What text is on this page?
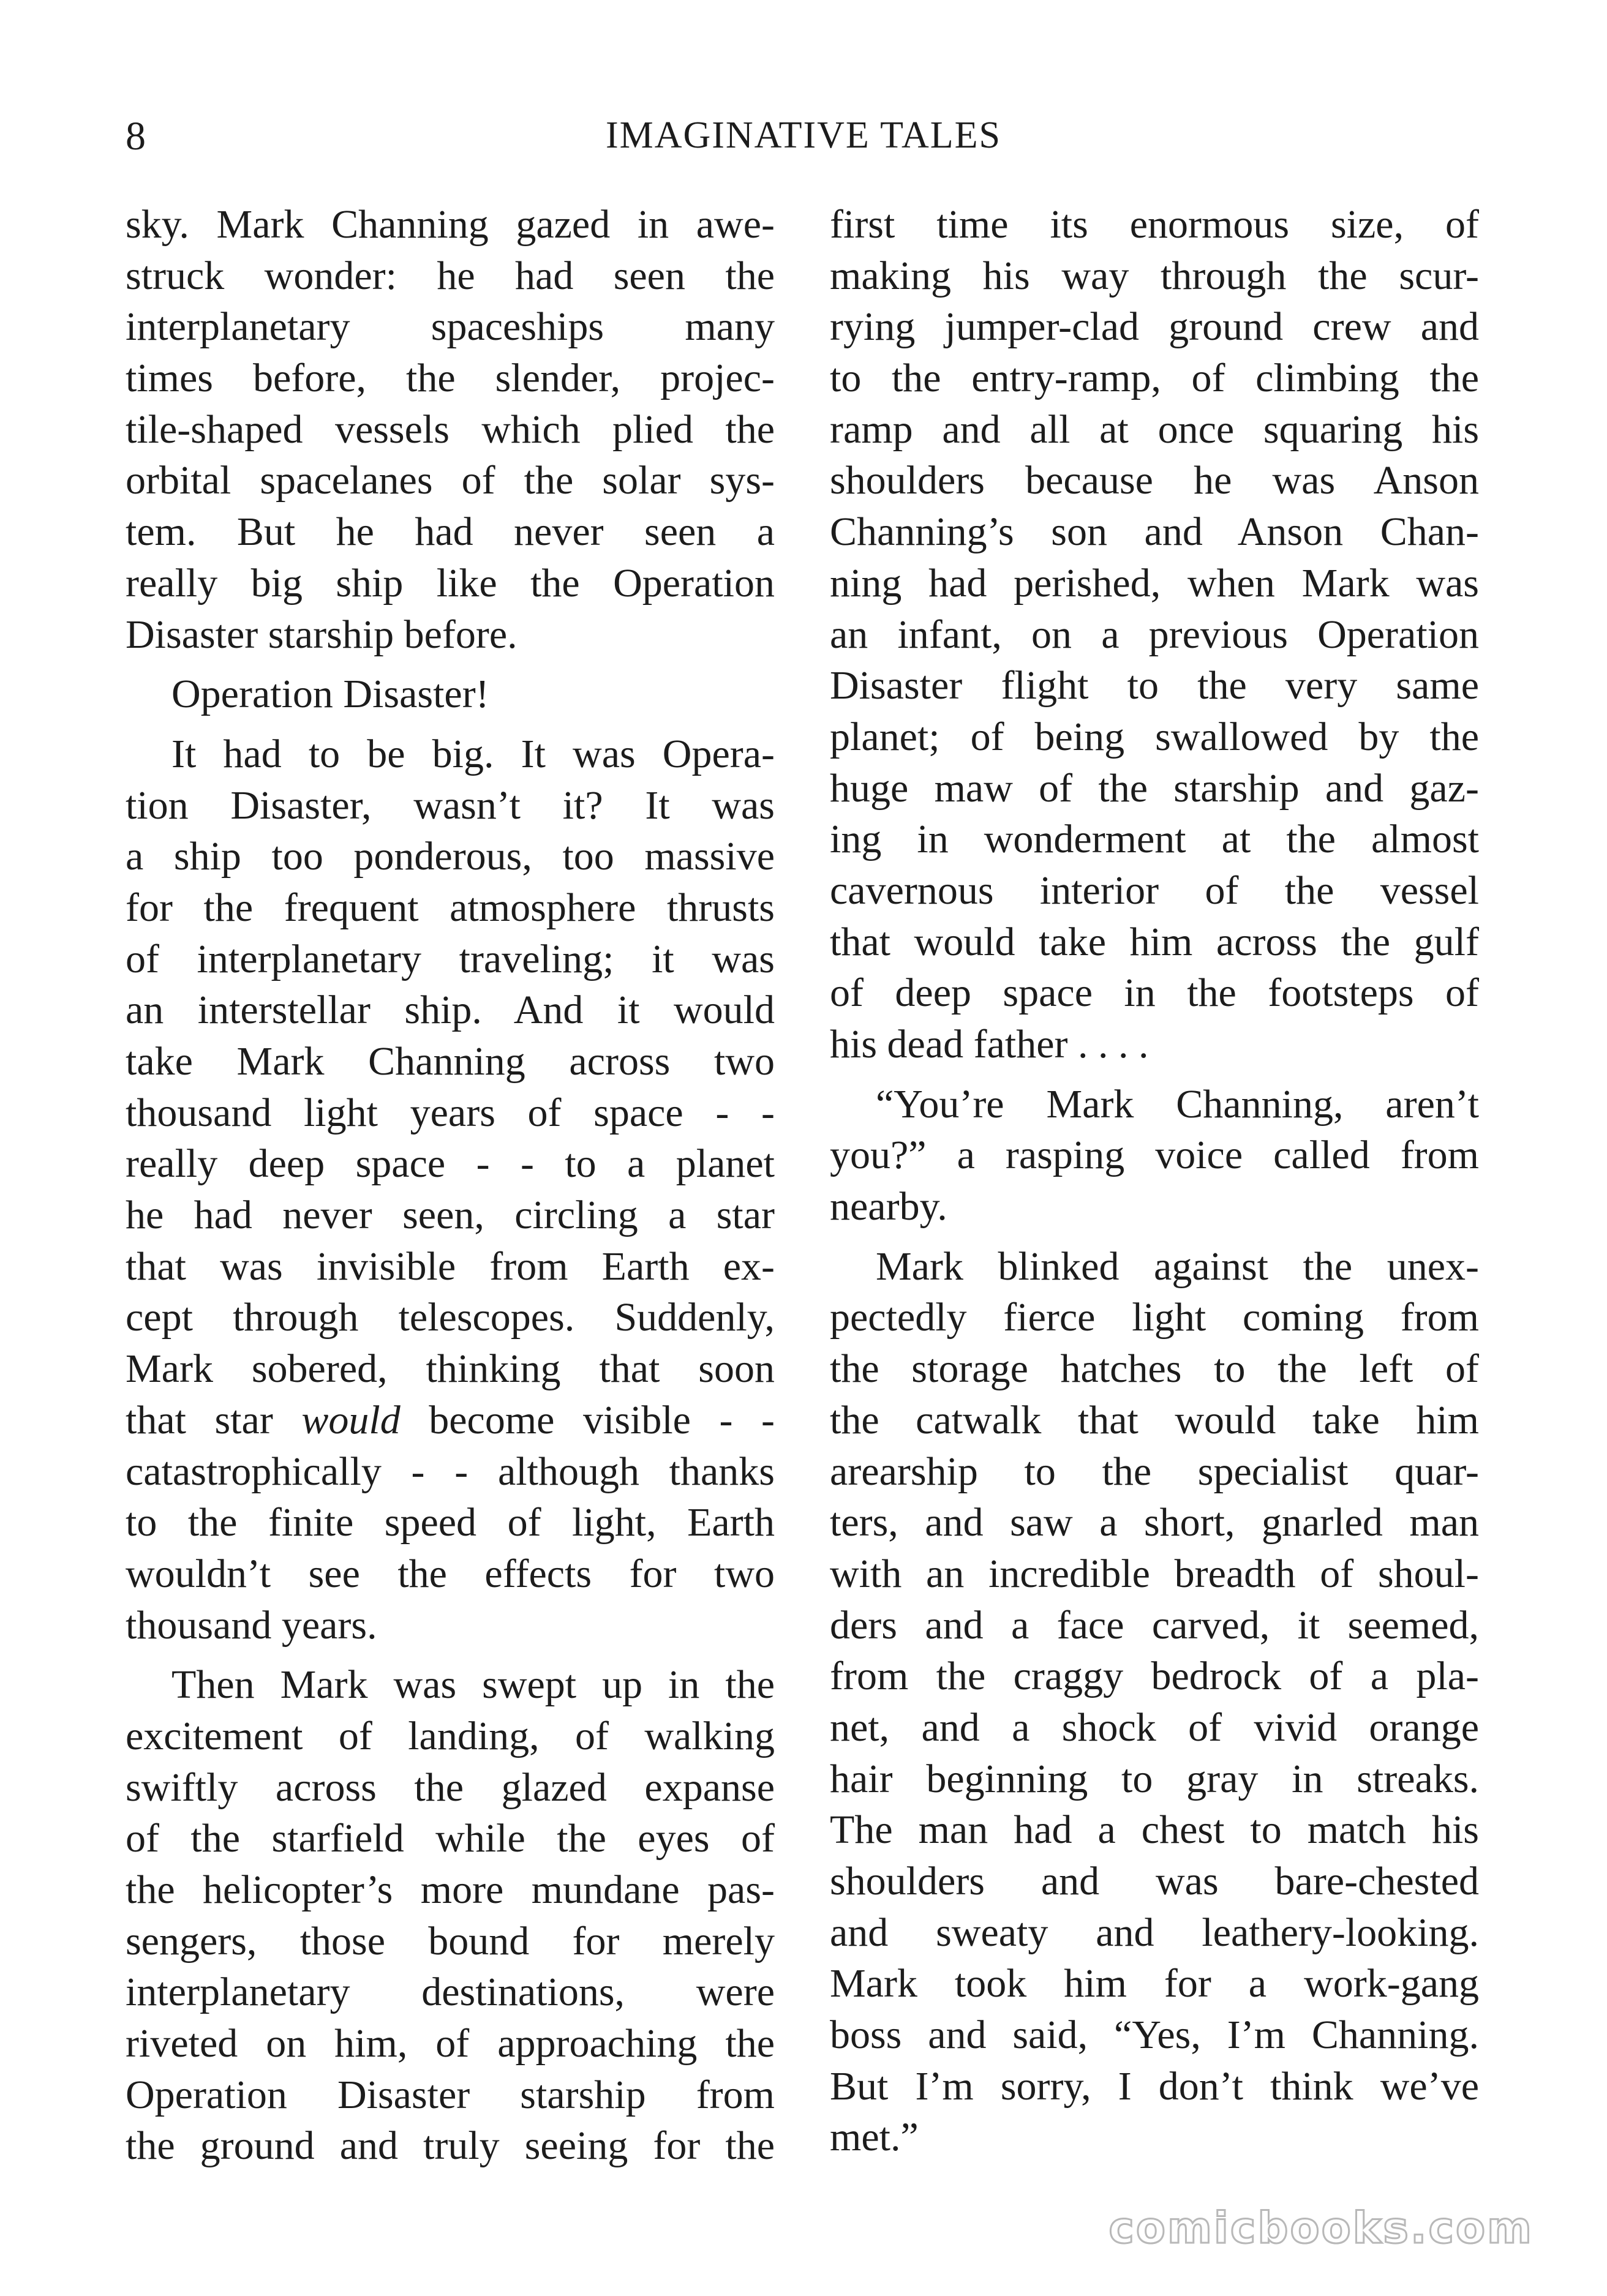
8	IMAGINATIVE TALES
sky. Mark Channing gazed in awe-
struck wonder: he had seen the
interplanetary spaceships many
times before, the slender, projec-
tile-shaped vessels which plied the
orbital spacelanes of the solar sys-
tem. But he had never seen a
really big ship like the Operation
Disaster starship before.
Operation Disaster!
It had to be big. It was Opera-
tion Disaster, wasn’t it? It was
a ship too ponderous, too massive
for the frequent atmosphere thrusts
of interplanetary traveling; it was
an interstellar ship. And it would
take Mark Channing across two
thousand light years of space - -
really deep space - - to a planet
he had never seen, circling a star
that was invisible from Earth ex-
cept through telescopes. Suddenly,
Mark sobered, thinking that soon
that star would become visible - -
catastrophically - - although thanks
to the finite speed of light, Earth
wouldn’t see the effects for two
thousand years.
Then Mark was swept up in the
excitement of landing, of walking
swiftly across the glazed expanse
of the starfield while the eyes of
the helicopter’s more mundane pas-
sengers, those bound for merely
interplanetary destinations, were
riveted on him, of approaching the
Operation Disaster starship from
the ground and truly seeing for the
first time its enormous size, of
making his way through the scur-
rying jumper-clad ground crew and
to the entry-ramp, of climbing the
ramp and all at once squaring his
shoulders because he was Anson
Channing’s son and Anson Chan-
ning had perished, when Mark was
an infant, on a previous Operation
Disaster flight to the very same
planet; of being swallowed by the
huge maw of the starship and gaz-
ing in wonderment at the almost
cavernous interior of the vessel
that would take him across the gulf
of deep space in the footsteps of
his dead father . . . .
“You’re Mark Channing, aren’t
you?” a rasping voice called from
nearby.
Mark blinked against the unex-
pectedly fierce light coming from
the storage hatches to the left of
the catwalk that would take him
arearship to the specialist quar-
ters, and saw a short, gnarled man
with an incredible breadth of shoul-
ders and a face carved, it seemed,
from the craggy bedrock of a pla-
net, and a shock of vivid orange
hair beginning to gray in streaks.
The man had a chest to match his
shoulders and was bare-chested
and sweaty and leathery-looking.
Mark took him for a work-gang
boss and said, “Yes, I’m Channing.
But I’m sorry, I don’t think we’ve
met.”
comicbooks.com
